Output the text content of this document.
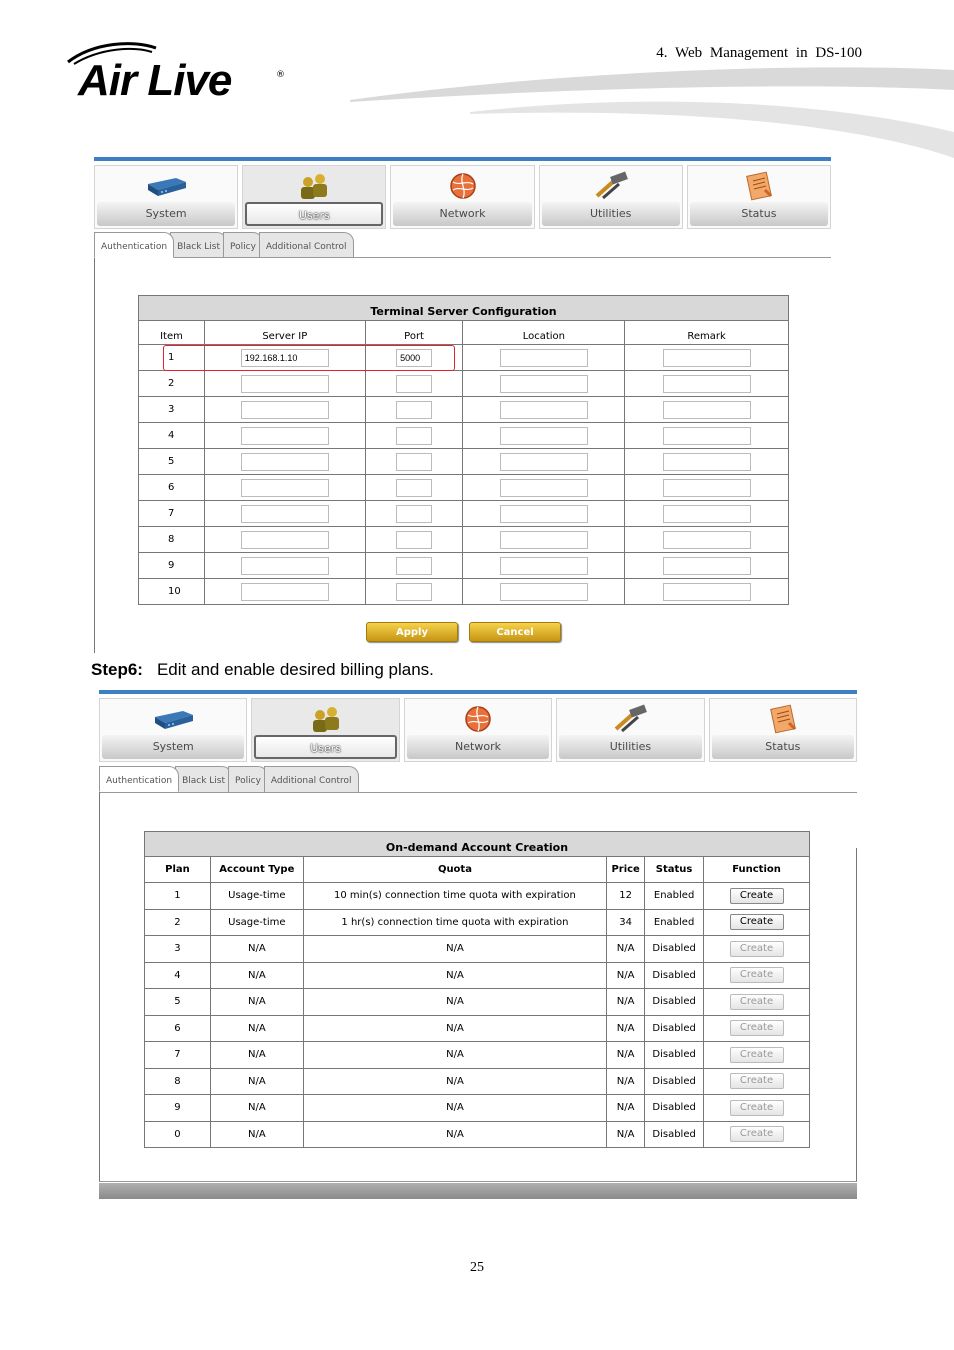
Air Live	®
4. Web Management in DS-100
System	Users	Network	Utilities	Status
Authentication	Black List	Policy	Additional Control
Terminal Server Configuration				
Item	Server IP	Port	Location	Remark
1	192.168.1.10	5000		
2				
3				
4				
5				
6				
7				
8				
9				
10				
Apply	Cancel
Step6: Edit and enable desired billing plans.
System	Users	Network	Utilities	Status
Authentication	Black List	Policy	Additional Control
On-demand Account Creation					
Plan	Account Type	Quota	Price	Status	Function
1	Usage-time	10 min(s) connection time quota with expiration	12	Enabled	Create
2	Usage-time	1 hr(s) connection time quota with expiration	34	Enabled	Create
3	N/A	N/A	N/A	Disabled	Create
4	N/A	N/A	N/A	Disabled	Create
5	N/A	N/A	N/A	Disabled	Create
6	N/A	N/A	N/A	Disabled	Create
7	N/A	N/A	N/A	Disabled	Create
8	N/A	N/A	N/A	Disabled	Create
9	N/A	N/A	N/A	Disabled	Create
0	N/A	N/A	N/A	Disabled	Create
25
